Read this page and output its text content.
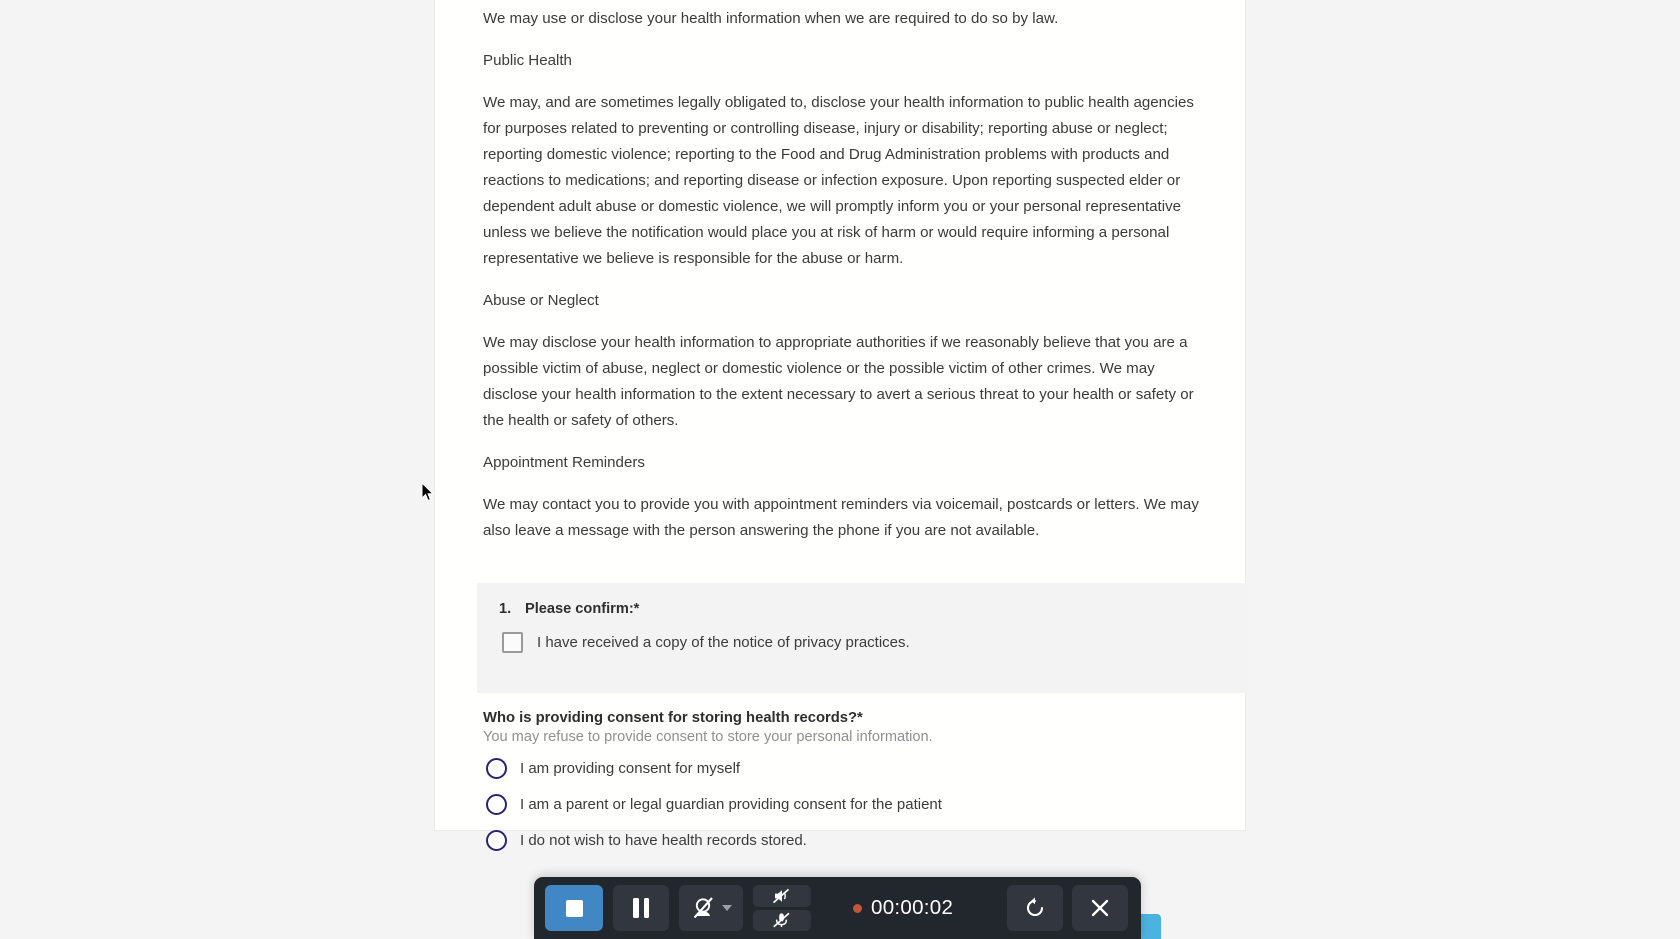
We may use or disclose your health information when we are required to do so by law.
Public Health
We may, and are sometimes legally obligated to, disclose your health information to public health agencies for purposes related to preventing or controlling disease, injury or disability; reporting abuse or neglect; reporting domestic violence; reporting to the Food and Drug Administration problems with products and reactions to medications; and reporting disease or infection exposure. Upon reporting suspected elder or dependent adult abuse or domestic violence, we will promptly inform you or your personal representative unless we believe the notification would place you at risk of harm or would require informing a personal representative we believe is responsible for the abuse or harm.
Abuse or Neglect
We may disclose your health information to appropriate authorities if we reasonably believe that you are a possible victim of abuse, neglect or domestic violence or the possible victim of other crimes. We may disclose your health information to the extent necessary to avert a serious threat to your health or safety or the health or safety of others.
Appointment Reminders
We may contact you to provide you with appointment reminders via voicemail, postcards or letters. We may also leave a message with the person answering the phone if you are not available.
1. Please confirm:*
I have received a copy of the notice of privacy practices.
Who is providing consent for storing health records?*
You may refuse to provide consent to store your personal information.
I am providing consent for myself
I am a parent or legal guardian providing consent for the patient
I do not wish to have health records stored.
00:00:02
